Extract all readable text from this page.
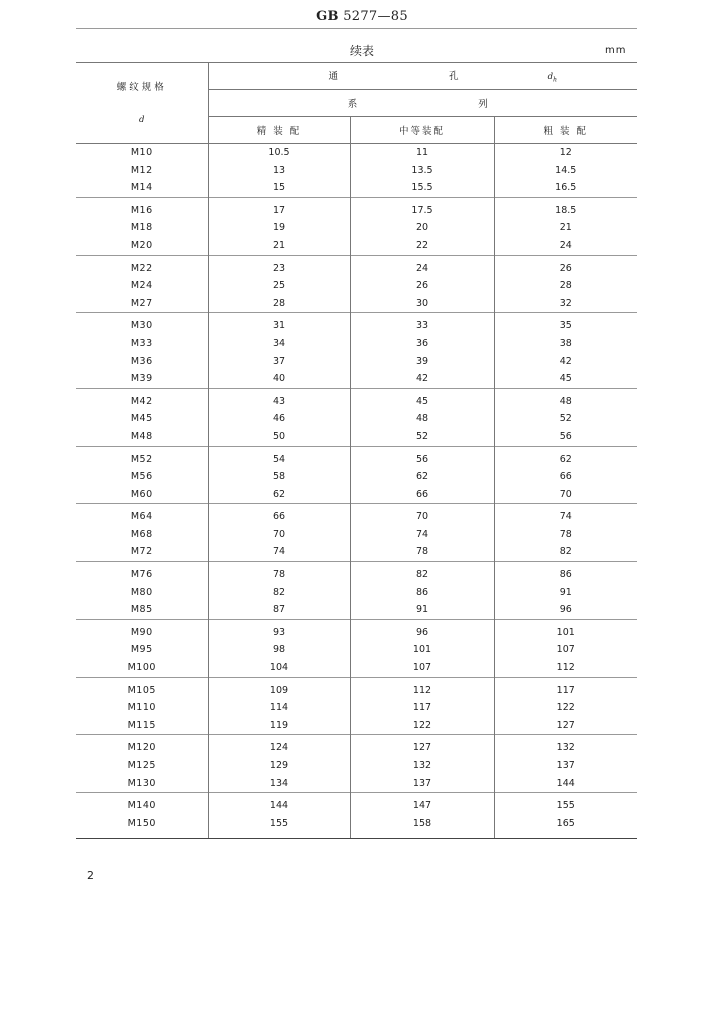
GB 5277—85
续表	mm
螺纹规格
d	通 孔 $d_h$
	系 列		
	精 装 配	中等装配	粗 装 配
M10	10.5	11	12
M12	13	13.5	14.5
M14	15	15.5	16.5
M16	17	17.5	18.5
M18	19	20	21
M20	21	22	24
M22	23	24	26
M24	25	26	28
M27	28	30	32
M30	31	33	35
M33	34	36	38
M36	37	39	42
M39	40	42	45
M42	43	45	48
M45	46	48	52
M48	50	52	56
M52	54	56	62
M56	58	62	66
M60	62	66	70
M64	66	70	74
M68	70	74	78
M72	74	78	82
M76	78	82	86
M80	82	86	91
M85	87	91	96
M90	93	96	101
M95	98	101	107
M100	104	107	112
M105	109	112	117
M110	114	117	122
M115	119	122	127
M120	124	127	132
M125	129	132	137
M130	134	137	144
M140	144	147	155
M150	155	158	165
2
